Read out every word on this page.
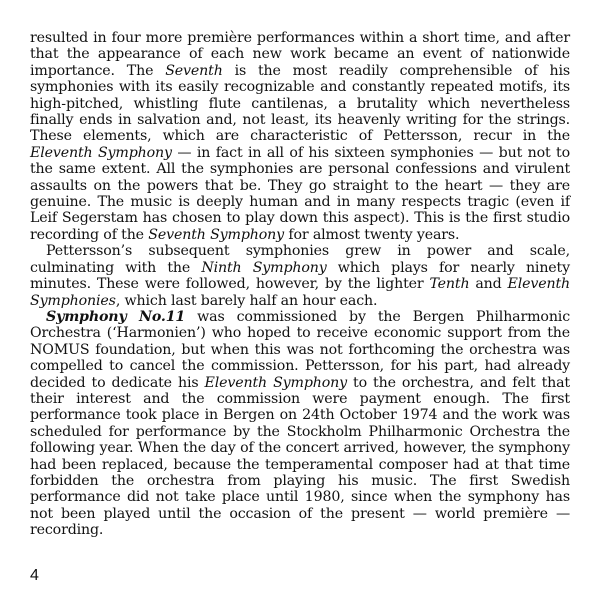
resulted in four more première performances within a short time, and after that the appearance of each new work became an event of nationwide importance. The Seventh is the most readily comprehensible of his symphonies with its easily recognizable and constantly repeated motifs, its high-pitched, whistling flute cantilenas, a brutality which nevertheless finally ends in salvation and, not least, its heavenly writing for the strings. These elements, which are characteristic of Pettersson, recur in the Eleventh Symphony — in fact in all of his sixteen symphonies — but not to the same extent. All the symphonies are personal confessions and virulent assaults on the powers that be. They go straight to the heart — they are genuine. The music is deeply human and in many respects tragic (even if Leif Segerstam has chosen to play down this aspect). This is the first studio recording of the Seventh Symphony for almost twenty years.

Pettersson’s subsequent symphonies grew in power and scale, culminating with the Ninth Symphony which plays for nearly ninety minutes. These were followed, however, by the lighter Tenth and Eleventh Symphonies, which last barely half an hour each.

Symphony No.11 was commissioned by the Bergen Philharmonic Orchestra (‘Harmonien’) who hoped to receive economic support from the NOMUS foundation, but when this was not forthcoming the orchestra was compelled to cancel the commission. Pettersson, for his part, had already decided to dedicate his Eleventh Symphony to the orchestra, and felt that their interest and the commission were payment enough. The first performance took place in Bergen on 24th October 1974 and the work was scheduled for performance by the Stockholm Philharmonic Orchestra the following year. When the day of the concert arrived, however, the symphony had been replaced, because the temperamental composer had at that time forbidden the orchestra from playing his music. The first Swedish performance did not take place until 1980, since when the symphony has not been played until the occasion of the present — world première —recording.

4
